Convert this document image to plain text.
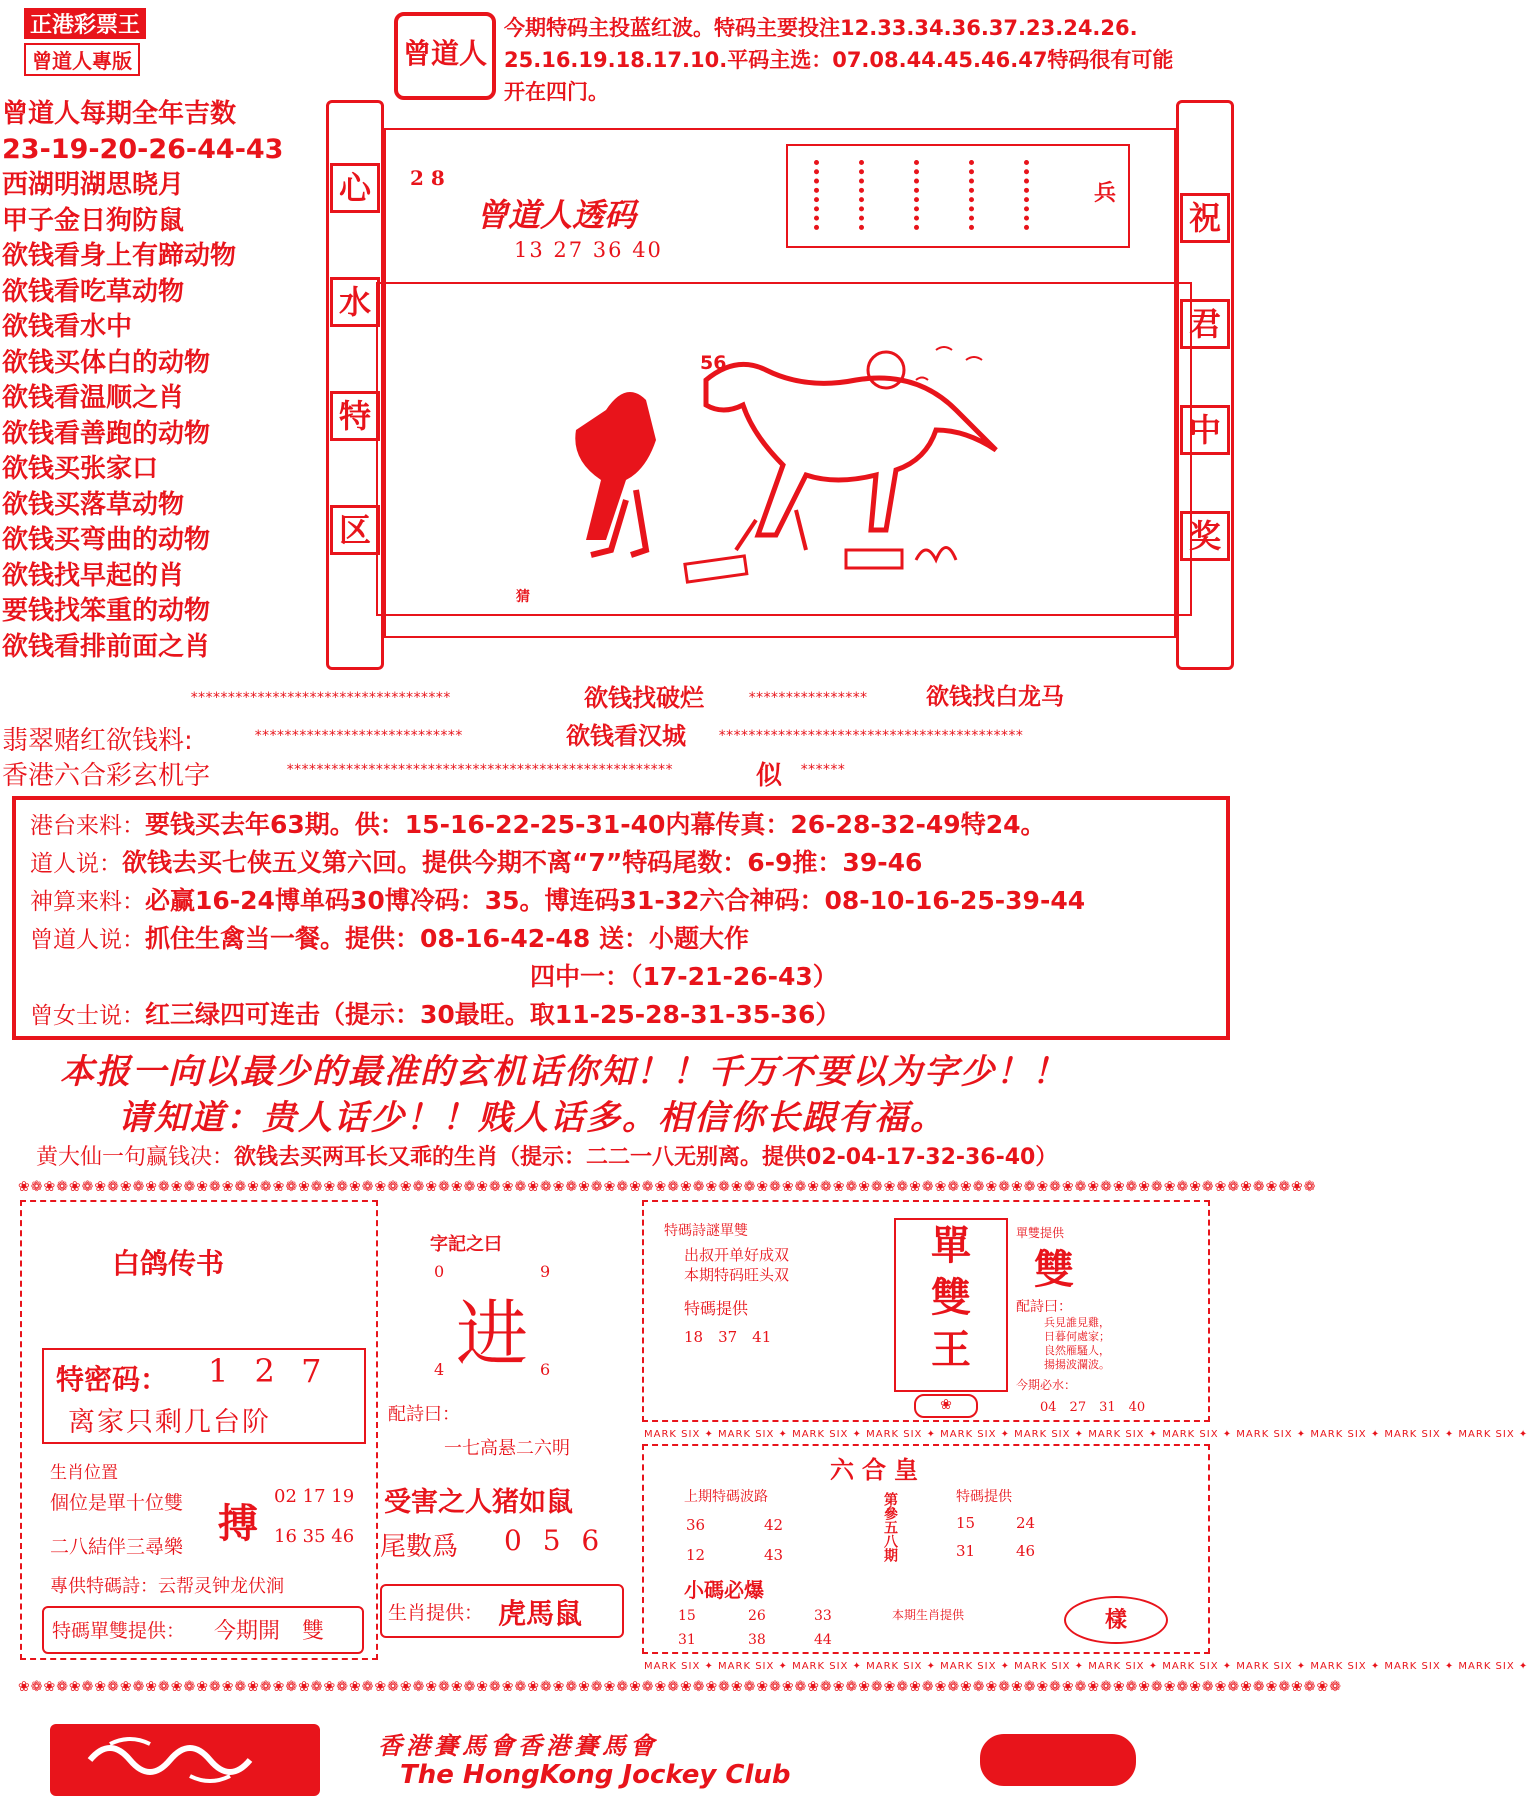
正港彩票王 曾道人專版	曾道人
今期特码主投蓝红波。特码主要投注12.33.34.36.37.23.24.26.
25.16.19.18.17.10.平码主选：07.08.44.45.46.47特码很有可能
开在四门。
曾道人每期全年吉数
23-19-20-26-44-43
西湖明湖思晓月
甲子金日狗防鼠
欲钱看身上有蹄动物
欲钱看吃草动物
欲钱看水中
欲钱买体白的动物
欲钱看温顺之肖
欲钱看善跑的动物
欲钱买张家口
欲钱买落草动物
欲钱买弯曲的动物
欲钱找早起的肖
要钱找笨重的动物
欲钱看排前面之肖
心
水
特
区
祝
君
中
奖
2 8
曾道人透码
13 27 36 40
兵
56
猜
***********************************	欲钱找破烂	****************	欲钱找白龙马
翡翠赌红欲钱料:	****************************	欲钱看汉城 *****************************************
香港六合彩玄机字	****************************************************	似 ******
港台来料：要钱买去年63期。供：15-16-22-25-31-40内幕传真：26-28-32-49特24。
道人说：欲钱去买七侠五义第六回。提供今期不离“7”特码尾数：6-9推：39-46
神算来料：必赢16-24博单码30博冷码：35。博连码31-32六合神码：08-10-16-25-39-44
曾道人说：抓住生禽当一餐。提供：08-16-42-48 送：小题大作
四中一：（17-21-26-43）
曾女士说：红三绿四可连击（提示：30最旺。取11-25-28-31-35-36）
本报一向以最少的最准的玄机话你知！！千万不要以为字少！！
请知道：贵人话少！！贱人话多。相信你长跟有福。
黄大仙一句赢钱决：欲钱去买两耳长又乖的生肖（提示：二二一八无别离。提供02-04-17-32-36-40）
❀❁❀❁❀❁❀❁❀❁❀❁❀❁❀❁❀❁❀❁❀❁❀❁❀❁❀❁❀❁❀❁❀❁❀❁❀❁❀❁❀❁❀❁❀❁❀❁❀❁❀❁❀❁❀❁❀❁❀❁❀❁❀❁❀❁❀❁❀❁❀❁❀❁❀❁❀❁❀❁❀❁❀❁❀❁❀❁❀❁❀❁❀❁❀❁❀❁❀❁❀❁
白鸽传书
特密码： 1 2 7
离家只剩几台阶
生肖位置
個位是單十位雙
二八結伴三尋樂 搏
02 17 19
16 35 46
專供特碼詩：云帮灵钟龙伏涧
特碼單雙提供： 今期開　雙
字記之曰
0	9
进
4	6
配詩曰：
一七高悬二六明
受害之人猪如鼠
尾數爲 0 5 6
生肖提供： 虎馬鼠
特碼詩謎單雙
出叔开单好成双
本期特码旺头双
特碼提供
18　37　41
單
雙
王
單雙提供
雙
配詩曰：
兵見誰見雞，
日暮何處家；
良然雁騷人，
揚揚波瀾波。
今期必水：
04　27　31　40
❀
MARK SIX ✦ MARK SIX ✦ MARK SIX ✦ MARK SIX ✦ MARK SIX ✦ MARK SIX ✦ MARK SIX ✦ MARK SIX ✦ MARK SIX ✦ MARK SIX ✦ MARK SIX ✦ MARK SIX ✦
六合皇
上期特碼波路
36	42
12	43	第參五八期	特碼提供
15	24
31	46
小碼必爆
15	26	33
31	38	44
本期生肖提供	樣
MARK SIX ✦ MARK SIX ✦ MARK SIX ✦ MARK SIX ✦ MARK SIX ✦ MARK SIX ✦ MARK SIX ✦ MARK SIX ✦ MARK SIX ✦ MARK SIX ✦ MARK SIX ✦ MARK SIX ✦
❀❁❀❁❀❁❀❁❀❁❀❁❀❁❀❁❀❁❀❁❀❁❀❁❀❁❀❁❀❁❀❁❀❁❀❁❀❁❀❁❀❁❀❁❀❁❀❁❀❁❀❁❀❁❀❁❀❁❀❁❀❁❀❁❀❁❀❁❀❁❀❁❀❁❀❁❀❁❀❁❀❁❀❁❀❁❀❁❀❁❀❁❀❁❀❁❀❁❀❁❀❁❀❁
香港賽馬會香港賽馬會
The HongKong Jockey Club
